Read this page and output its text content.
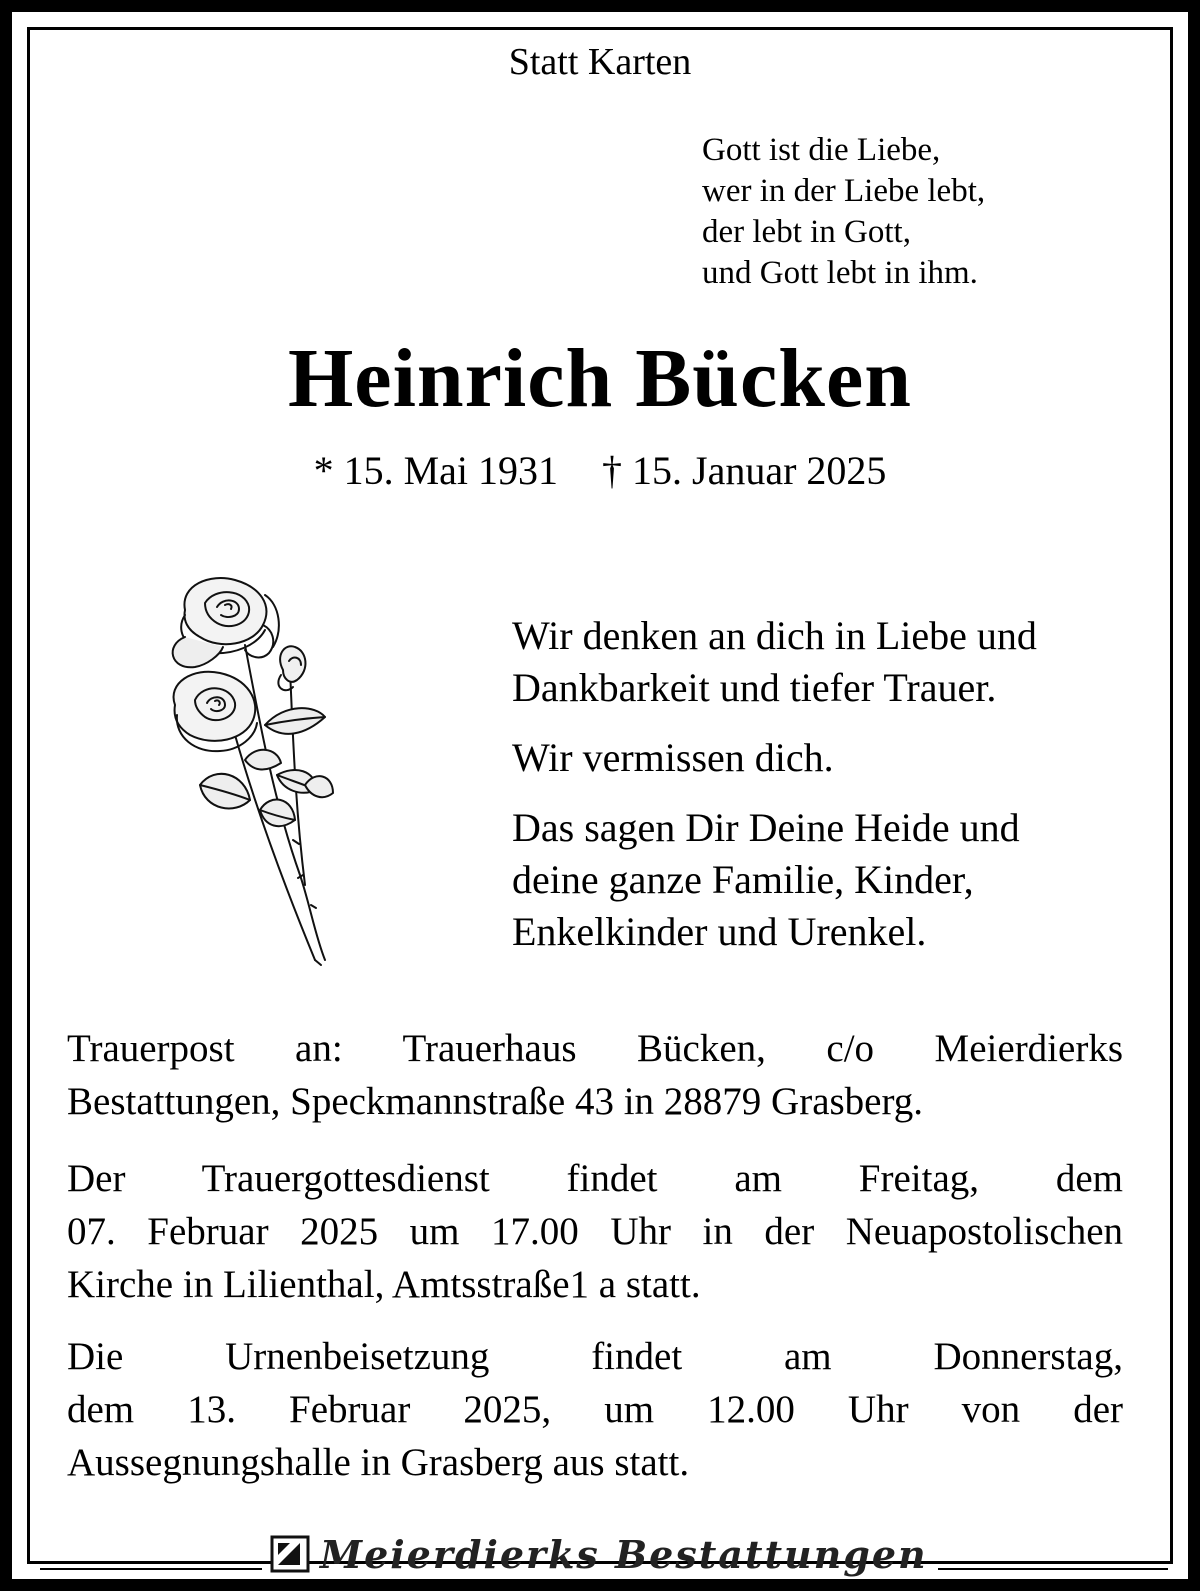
Statt Karten
Gott ist die Liebe,
wer in der Liebe lebt,
der lebt in Gott,
und Gott lebt in ihm.
Heinrich Bücken
* 15. Mai 1931 † 15. Januar 2025

Wir denken an dich in Liebe und
Dankbarkeit und tiefer Trauer.

Wir vermissen dich.

Das sagen Dir Deine Heide und
deine ganze Familie, Kinder,
Enkelkinder und Urenkel.

Trauerpost an: Trauerhaus Bücken, c/o Meierdierks
Bestattungen, Speckmannstraße 43 in 28879 Grasberg.
Der Trauergottesdienst findet am Freitag, dem
07. Februar 2025 um 17.00 Uhr in der Neuapostolischen
Kirche in Lilienthal, Amtsstraße1 a statt.
Die Urnenbeisetzung findet am Donnerstag,
dem 13. Februar 2025, um 12.00 Uhr von der
Aussegnungshalle in Grasberg aus statt.
Meierdierks Bestattungen
